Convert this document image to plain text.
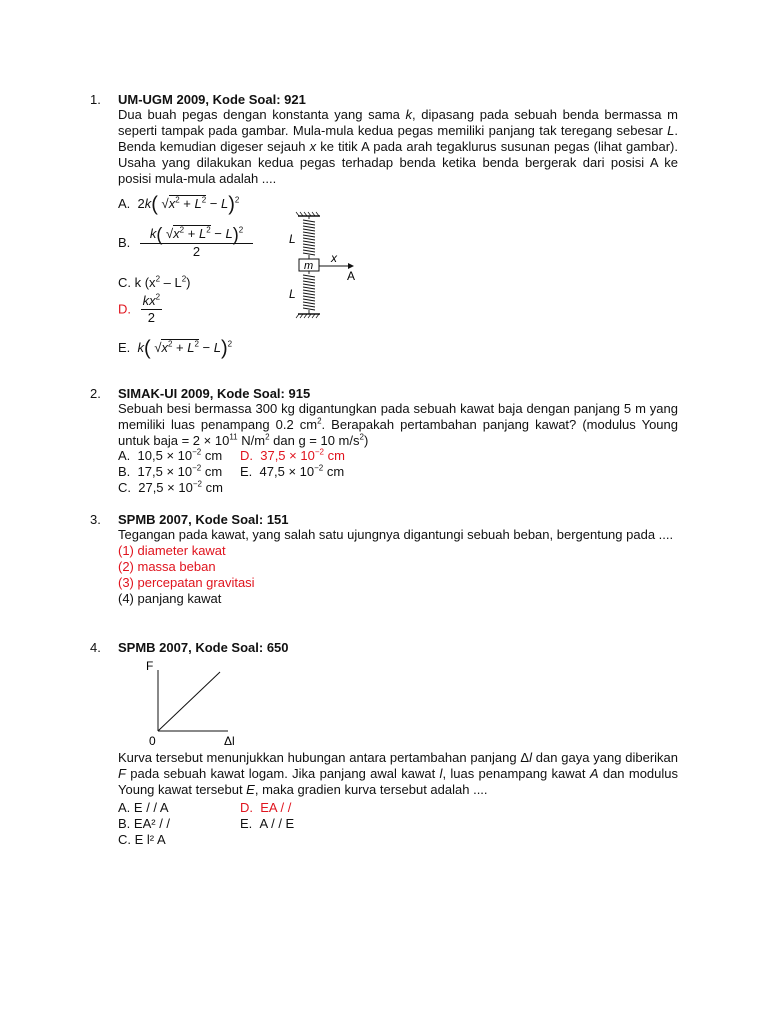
1. UM-UGM 2009, Kode Soal: 921

Dua buah pegas dengan konstanta yang sama k, dipasang pada sebuah benda bermassa m seperti tampak pada gambar. Mula-mula kedua pegas memiliki panjang tak teregang sebesar L. Benda kemudian digeser sejauh x ke titik A pada arah tegaklurus susunan pegas (lihat gambar). Usaha yang dilakukan kedua pegas terhadap benda ketika benda bergerak dari posisi A ke posisi mula-mula adalah ....

A.  2k( $√x^2 + L^2 - L)^2$
B. $\frac{k( √x^2 + L^2 - L)^2}{2}$
C. k $(x^2 - L^2)$
D. $\frac{kx^2}{2}$
E. k( $√x^2 + L^2 - L)^2$
m
L
L
x
A
2. SIMAK-UI 2009, Kode Soal: 915

Sebuah besi bermassa 300 kg digantungkan pada sebuah kawat baja dengan panjang 5 m yang memiliki luas penampang 0.2 $cm^2$. Berapakah pertambahan panjang kawat? (modulus Young untuk baja = $2 \times 10^{11}$ $N/m^2$ dan g = 10 $m/s^2$)

A. $10,5 \times 10^{-2}$ cm D. $37,5 \times 10^{-2}$ cm
B. $17,5 \times 10^{-2}$ cm E. $47,5 \times 10^{-2}$ cm
C. $27,5 \times 10^{-2}$ cm
3. SPMB 2007, Kode Soal: 151

Tegangan pada kawat, yang salah satu ujungnya digantungi sebuah beban, bergentung pada ....

(1) diameter kawat
(2) massa beban
(3) percepatan gravitasi
(4) panjang kawat
4. SPMB 2007, Kode Soal: 650
F
0	Δl

Kurva tersebut menunjukkan hubungan antara pertambahan panjang Δl dan gaya yang diberikan F pada sebuah kawat logam. Jika panjang awal kawat l, luas penampang kawat A dan modulus Young kawat tersebut E, maka gradien kurva tersebut adalah ....

A. E / / A	D. EA / /
B. EA² / /	E. A / / E
C. E l² A
